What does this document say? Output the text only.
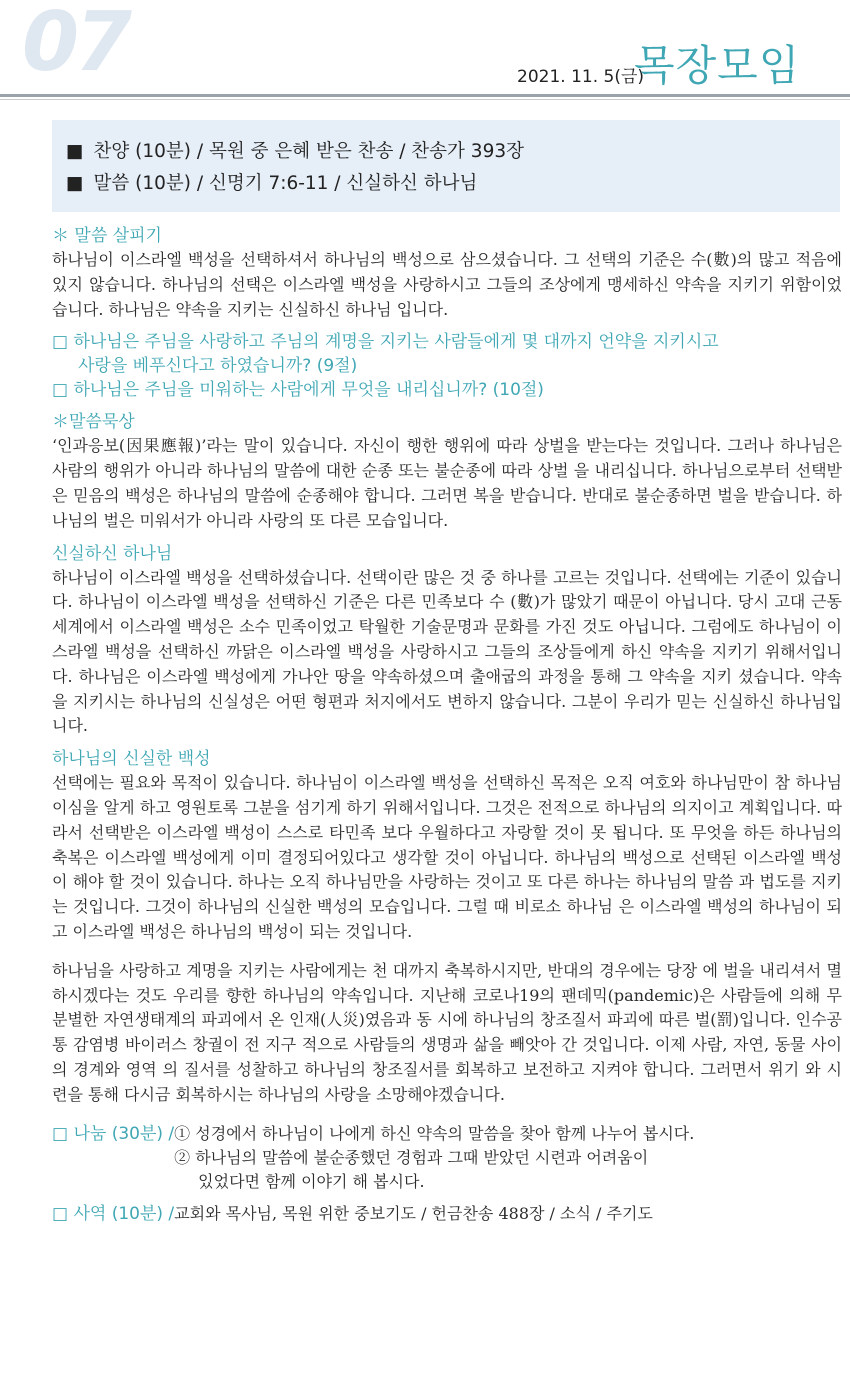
07	2021. 11. 5(금)
목장모임
■ 찬양 (10분) / 목원 중 은혜 받은 찬송 / 찬송가 393장
■ 말씀 (10분) / 신명기 7:6-11 / 신실하신 하나님
＊ 말씀 살피기

하나님이 이스라엘 백성을 선택하셔서 하나님의 백성으로 삼으셨습니다. 그 선택의 기준은 수(數)의 많고 적음에 있지 않습니다. 하나님의 선택은 이스라엘 백성을 사랑하시고 그들의 조상에게 맹세하신 약속을 지키기 위함이었습니다. 하나님은 약속을 지키는 신실하신 하나님 입니다.

□ 하나님은 주님을 사랑하고 주님의 계명을 지키는 사람들에게 몇 대까지 언약을 지키시고
사랑을 베푸신다고 하였습니까? (9절)
□ 하나님은 주님을 미워하는 사람에게 무엇을 내리십니까? (10절)
＊말씀묵상

‘인과응보(因果應報)’라는 말이 있습니다. 자신이 행한 행위에 따라 상벌을 받는다는 것입니다. 그러나 하나님은 사람의 행위가 아니라 하나님의 말씀에 대한 순종 또는 불순종에 따라 상벌 을 내리십니다. 하나님으로부터 선택받은 믿음의 백성은 하나님의 말씀에 순종해야 합니다. 그러면 복을 받습니다. 반대로 불순종하면 벌을 받습니다. 하나님의 벌은 미워서가 아니라 사랑의 또 다른 모습입니다.

신실하신 하나님

하나님이 이스라엘 백성을 선택하셨습니다. 선택이란 많은 것 중 하나를 고르는 것입니다. 선택에는 기준이 있습니다. 하나님이 이스라엘 백성을 선택하신 기준은 다른 민족보다 수 (數)가 많았기 때문이 아닙니다. 당시 고대 근동 세계에서 이스라엘 백성은 소수 민족이었고 탁월한 기술문명과 문화를 가진 것도 아닙니다. 그럼에도 하나님이 이스라엘 백성을 선택하신 까닭은 이스라엘 백성을 사랑하시고 그들의 조상들에게 하신 약속을 지키기 위해서입니다. 하나님은 이스라엘 백성에게 가나안 땅을 약속하셨으며 출애굽의 과정을 통해 그 약속을 지키 셨습니다. 약속을 지키시는 하나님의 신실성은 어떤 형편과 처지에서도 변하지 않습니다. 그분이 우리가 믿는 신실하신 하나님입니다.

하나님의 신실한 백성

선택에는 필요와 목적이 있습니다. 하나님이 이스라엘 백성을 선택하신 목적은 오직 여호와 하나님만이 참 하나님이심을 알게 하고 영원토록 그분을 섬기게 하기 위해서입니다. 그것은 전적으로 하나님의 의지이고 계획입니다. 따라서 선택받은 이스라엘 백성이 스스로 타민족 보다 우월하다고 자랑할 것이 못 됩니다. 또 무엇을 하든 하나님의 축복은 이스라엘 백성에게 이미 결정되어있다고 생각할 것이 아닙니다. 하나님의 백성으로 선택된 이스라엘 백성이 해야 할 것이 있습니다. 하나는 오직 하나님만을 사랑하는 것이고 또 다른 하나는 하나님의 말씀 과 법도를 지키는 것입니다. 그것이 하나님의 신실한 백성의 모습입니다. 그럴 때 비로소 하나님 은 이스라엘 백성의 하나님이 되고 이스라엘 백성은 하나님의 백성이 되는 것입니다.

하나님을 사랑하고 계명을 지키는 사람에게는 천 대까지 축복하시지만, 반대의 경우에는 당장 에 벌을 내리셔서 멸하시겠다는 것도 우리를 향한 하나님의 약속입니다. 지난해 코로나19의 팬데믹(pandemic)은 사람들에 의해 무분별한 자연생태계의 파괴에서 온 인재(人災)였음과 동 시에 하나님의 창조질서 파괴에 따른 벌(罰)입니다. 인수공통 감염병 바이러스 창궐이 전 지구 적으로 사람들의 생명과 삶을 빼앗아 간 것입니다. 이제 사람, 자연, 동물 사이의 경계와 영역 의 질서를 성찰하고 하나님의 창조질서를 회복하고 보전하고 지켜야 합니다. 그러면서 위기 와 시련을 통해 다시금 회복하시는 하나님의 사랑을 소망해야겠습니다.

□ 나눔 (30분) / ① 성경에서 하나님이 나에게 하신 약속의 말씀을 찾아 함께 나누어 봅시다.
② 하나님의 말씀에 불순종했던 경험과 그때 받았던 시련과 어려움이
있었다면 함께 이야기 해 봅시다.
□ 사역 (10분) / 교회와 목사님, 목원 위한 중보기도 / 헌금찬송 488장 / 소식 / 주기도
